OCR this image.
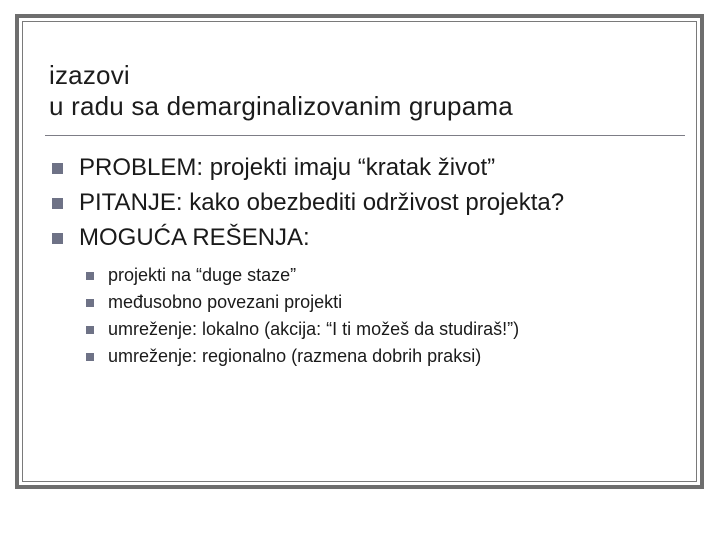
izazovi
u radu sa demarginalizovanim grupama
PROBLEM: projekti imaju “kratak život”
PITANJE: kako obezbediti održivost projekta?
MOGUĆA REŠENJA:
projekti na “duge staze”
međusobno povezani projekti
umreženje: lokalno (akcija: “I ti možeš da studiraš!”)
umreženje: regionalno (razmena dobrih praksi)
